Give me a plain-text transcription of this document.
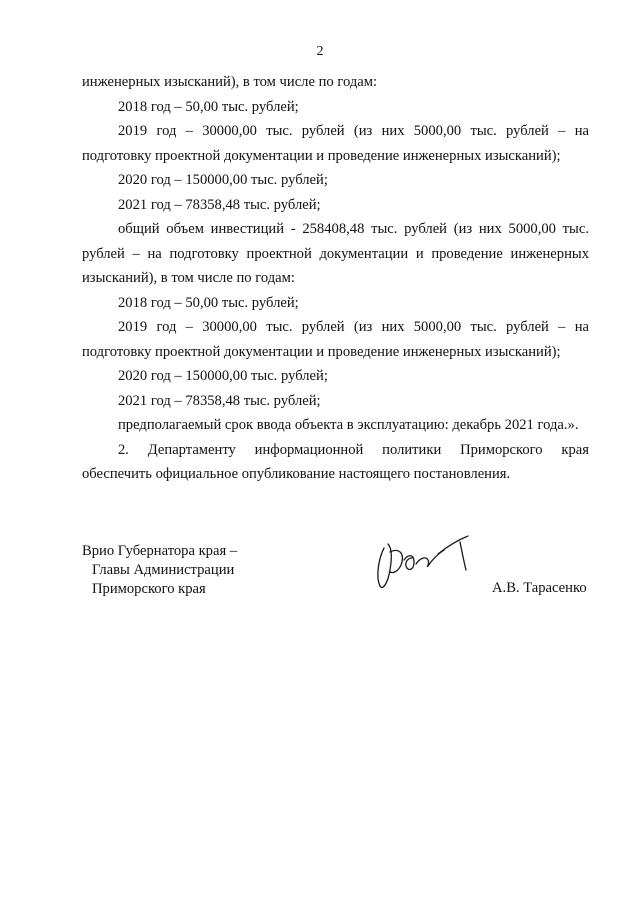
2
инженерных изысканий), в том числе по годам:
2018 год – 50,00 тыс. рублей;
2019 год – 30000,00 тыс. рублей (из них 5000,00 тыс. рублей – на
подготовку проектной документации и проведение инженерных изысканий);
2020 год – 150000,00 тыс. рублей;
2021 год – 78358,48 тыс. рублей;
общий объем инвестиций - 258408,48 тыс. рублей (из них 5000,00 тыс.
рублей – на подготовку проектной документации и проведение инженерных
изысканий), в том числе по годам:
2018 год – 50,00 тыс. рублей;
2019 год – 30000,00 тыс. рублей (из них 5000,00 тыс. рублей – на
подготовку проектной документации и проведение инженерных изысканий);
2020 год – 150000,00 тыс. рублей;
2021 год – 78358,48 тыс. рублей;
предполагаемый срок ввода объекта в эксплуатацию: декабрь 2021 года.».
2. Департаменту информационной политики Приморского края
обеспечить официальное опубликование настоящего постановления.
Врио Губернатора края –
Главы Администрации
Приморского края	А.В. Тарасенко
